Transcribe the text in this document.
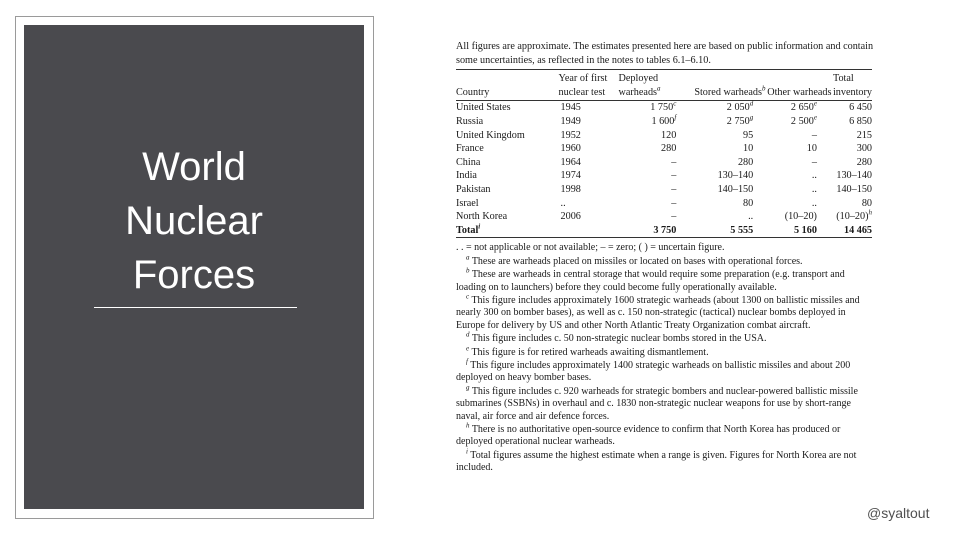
World
Nuclear
Forces

All figures are approximate. The estimates presented here are based on public information and contain some uncertainties, as reflected in the notes to tables 6.1–6.10.

Country	Year of first nuclear test	Deployed warheads$^a$	Stored warheads$^b$	Other warheads	Total inventory
United States	1945	1 750$^c$	2 050$^d$	2 650e	6 450
Russia	1949	1 600$^f$	2 750$^g$	2 500e	6 850
United Kingdom	1952	120	95	–	215
France	1960	280	10	10	300
China	1964	–	280	–	280
India	1974	–	130–140	..	130–140
Pakistan	1998	–	140–150	..	140–150
Israel	..	–	80	..	80
North Korea	2006	–	..	(10–20)	$(10-20)^h$
Total$^i$		3 750	5 555	5 160	14 465

. . = not applicable or not available; – = zero; ( ) = uncertain figure.

$^a$ These are warheads placed on missiles or located on bases with operational forces.

$^b$ These are warheads in central storage that would require some preparation (e.g. transport and loading on to launchers) before they could become fully operationally available.

$^c$ This figure includes approximately 1600 strategic warheads (about 1300 on ballistic missiles and nearly 300 on bomber bases), as well as c. 150 non-strategic (tactical) nuclear bombs deployed in Europe for delivery by US and other North Atlantic Treaty Organization combat aircraft.

$^d$ This figure includes c. 50 non-strategic nuclear bombs stored in the USA.

$^e$ This figure is for retired warheads awaiting dismantlement.

$^f$ This figure includes approximately 1400 strategic warheads on ballistic missiles and about 200 deployed on heavy bomber bases.

$^g$ This figure includes c. 920 warheads for strategic bombers and nuclear-powered ballistic missile submarines (SSBNs) in overhaul and c. 1830 non-strategic nuclear weapons for use by short-range naval, air force and air defence forces.

$^h$ There is no authoritative open-source evidence to confirm that North Korea has produced or deployed operational nuclear warheads.

$^i$ Total figures assume the highest estimate when a range is given. Figures for North Korea are not included.

@syaltout
